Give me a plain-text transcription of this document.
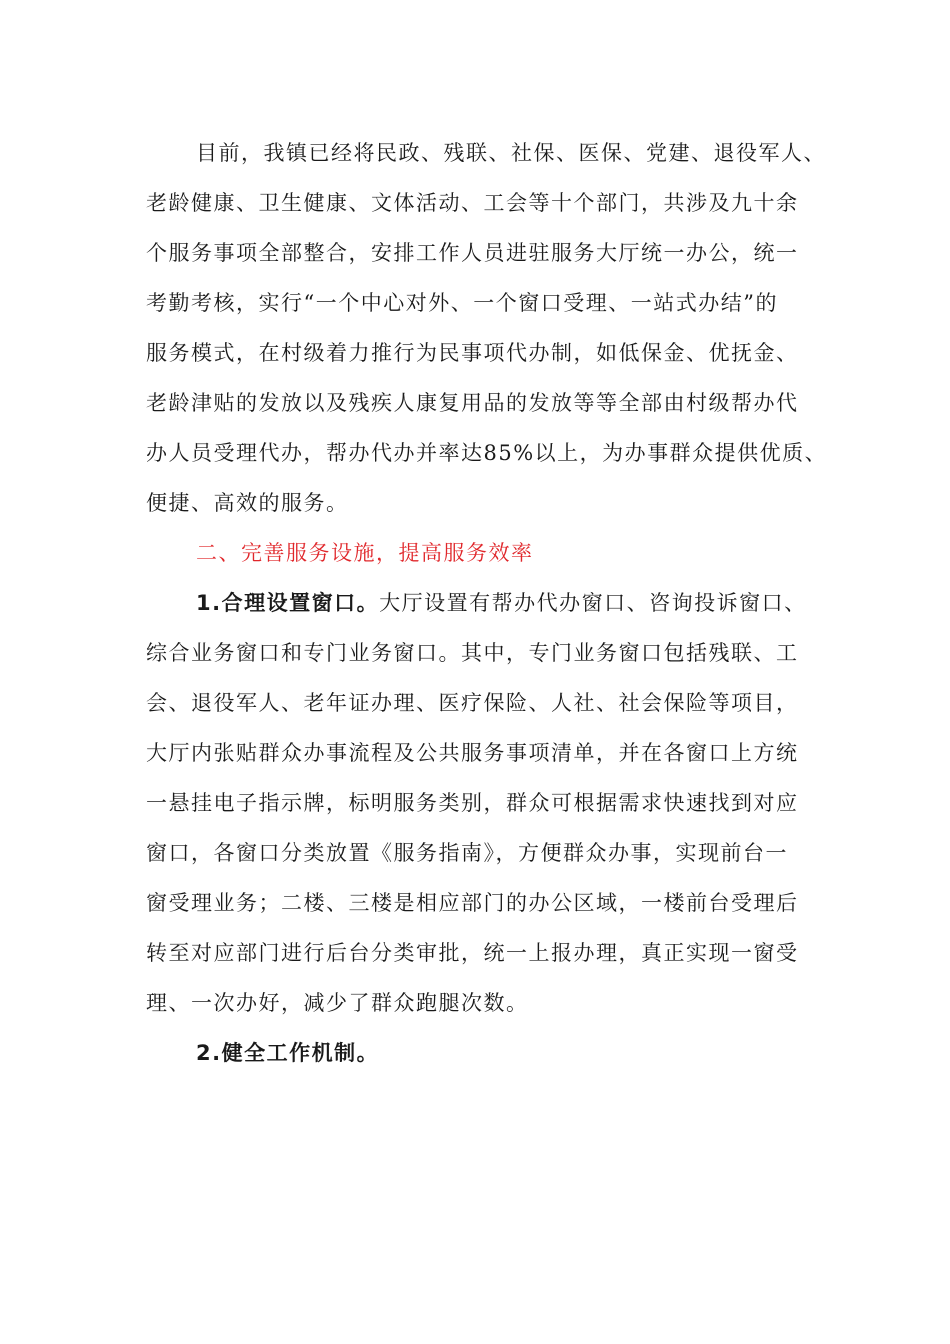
目前，我镇已经将民政、残联、社保、医保、党建、退役军人、
老龄健康、卫生健康、文体活动、工会等十个部门，共涉及九十余
个服务事项全部整合，安排工作人员进驻服务大厅统一办公，统一
考勤考核，实行“一个中心对外、一个窗口受理、一站式办结”的
服务模式，在村级着力推行为民事项代办制，如低保金、优抚金、
老龄津贴的发放以及残疾人康复用品的发放等等全部由村级帮办代
办人员受理代办，帮办代办并率达85%以上，为办事群众提供优质、
便捷、高效的服务。
二、完善服务设施，提高服务效率
1.合理设置窗口。大厅设置有帮办代办窗口、咨询投诉窗口、
综合业务窗口和专门业务窗口。其中，专门业务窗口包括残联、工
会、退役军人、老年证办理、医疗保险、人社、社会保险等项目，
大厅内张贴群众办事流程及公共服务事项清单，并在各窗口上方统
一悬挂电子指示牌，标明服务类别，群众可根据需求快速找到对应
窗口，各窗口分类放置《服务指南》，方便群众办事，实现前台一
窗受理业务；二楼、三楼是相应部门的办公区域，一楼前台受理后
转至对应部门进行后台分类审批，统一上报办理，真正实现一窗受
理、一次办好，减少了群众跑腿次数。
2.健全工作机制。
